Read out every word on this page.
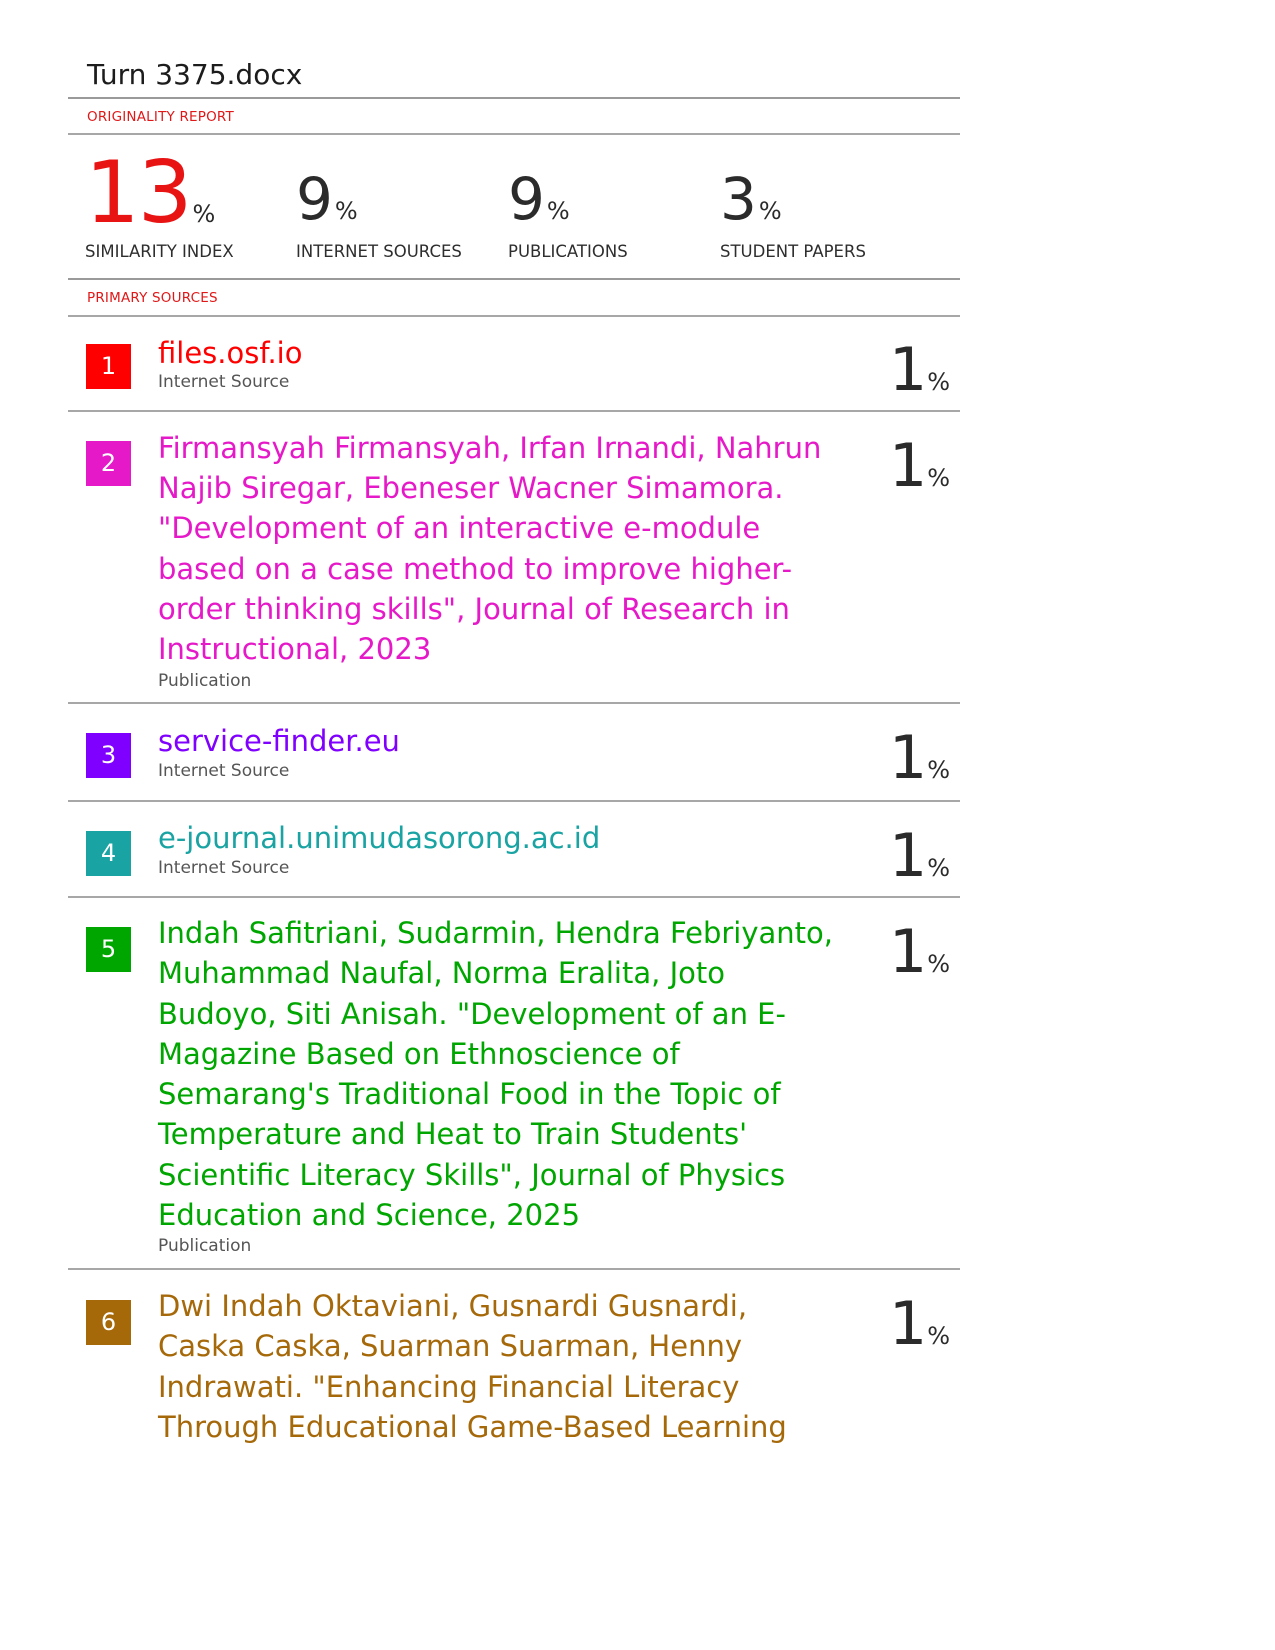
Turn 3375.docx
ORIGINALITY REPORT
13%
SIMILARITY INDEX
9%
INTERNET SOURCES
9%
PUBLICATIONS
3%
STUDENT PAPERS
PRIMARY SOURCES
1	files.osf.io
Internet Source	1%
2	Firmansyah Firmansyah, Irfan Irnandi, Nahrun Najib Siregar, Ebeneser Wacner Simamora. "Development of an interactive e-module based on a case method to improve higher-order thinking skills", Journal of Research in Instructional, 2023
Publication
1%
3	service-finder.eu
Internet Source	1%
4	e-journal.unimudasorong.ac.id
Internet Source	1%
5	Indah Safitriani, Sudarmin, Hendra Febriyanto, Muhammad Naufal, Norma Eralita, Joto Budoyo, Siti Anisah. "Development of an E-Magazine Based on Ethnoscience of Semarang's Traditional Food in the Topic of Temperature and Heat to Train Students' Scientific Literacy Skills", Journal of Physics Education and Science, 2025
Publication
1%
6	Dwi Indah Oktaviani, Gusnardi Gusnardi, Caska Caska, Suarman Suarman, Henny Indrawati. "Enhancing Financial Literacy Through Educational Game-Based Learning
1%
